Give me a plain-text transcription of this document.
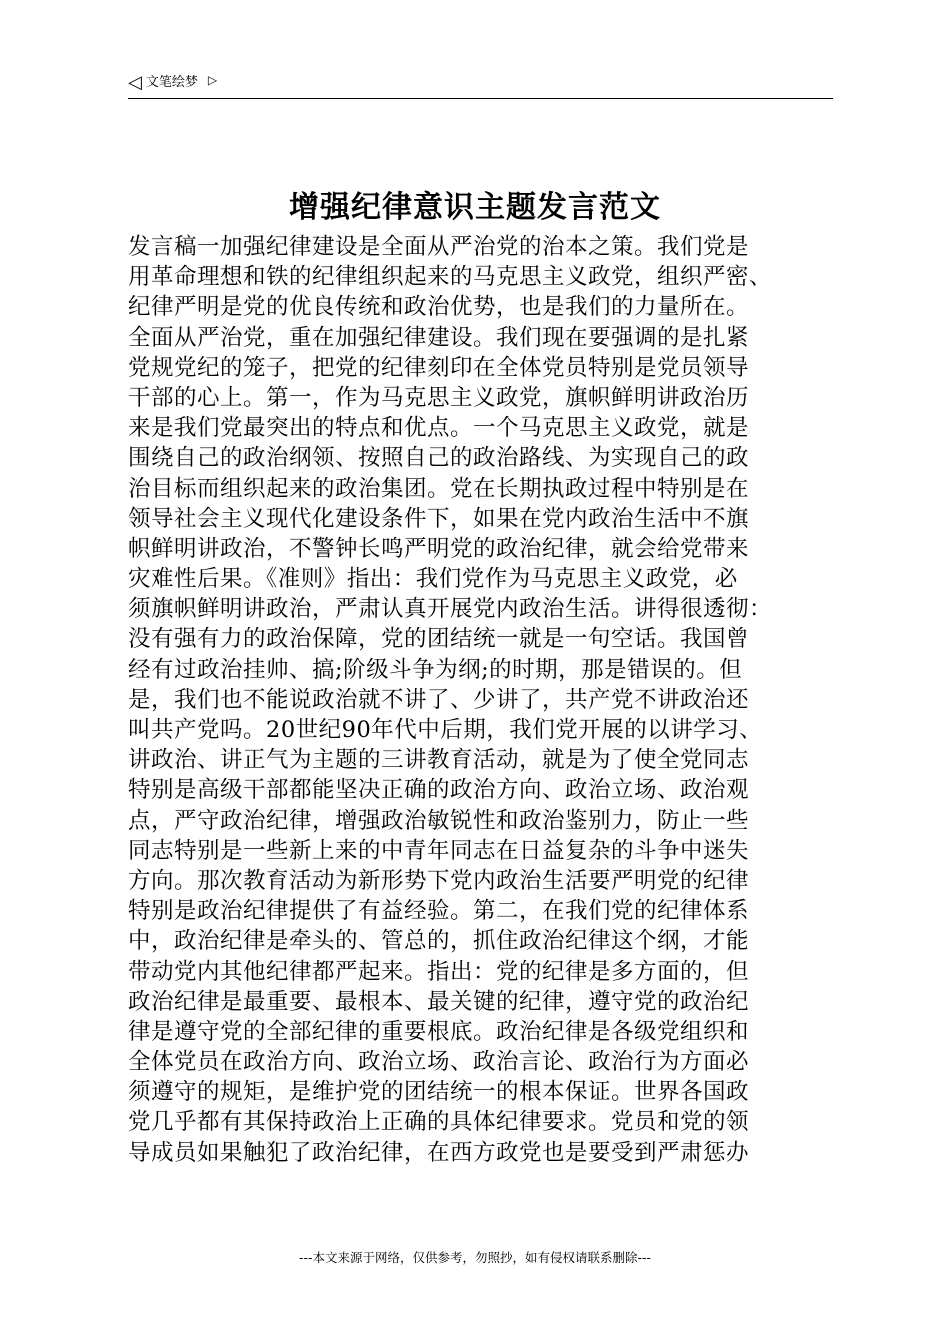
◁ 文笔绘梦 ▷
增强纪律意识主题发言范文
发言稿一加强纪律建设是全面从严治党的治本之策。我们党是
用革命理想和铁的纪律组织起来的马克思主义政党，组织严密、
纪律严明是党的优良传统和政治优势，也是我们的力量所在。
全面从严治党，重在加强纪律建设。我们现在要强调的是扎紧
党规党纪的笼子，把党的纪律刻印在全体党员特别是党员领导
干部的心上。第一，作为马克思主义政党，旗帜鲜明讲政治历
来是我们党最突出的特点和优点。一个马克思主义政党，就是
围绕自己的政治纲领、按照自己的政治路线、为实现自己的政
治目标而组织起来的政治集团。党在长期执政过程中特别是在
领导社会主义现代化建设条件下，如果在党内政治生活中不旗
帜鲜明讲政治，不警钟长鸣严明党的政治纪律，就会给党带来
灾难性后果。《准则》指出：我们党作为马克思主义政党，必
须旗帜鲜明讲政治，严肃认真开展党内政治生活。讲得很透彻：
没有强有力的政治保障，党的团结统一就是一句空话。我国曾
经有过政治挂帅、搞;阶级斗争为纲;的时期，那是错误的。但
是，我们也不能说政治就不讲了、少讲了，共产党不讲政治还
叫共产党吗。20世纪90年代中后期，我们党开展的以讲学习、
讲政治、讲正气为主题的三讲教育活动，就是为了使全党同志
特别是高级干部都能坚决正确的政治方向、政治立场、政治观
点，严守政治纪律，增强政治敏锐性和政治鉴别力，防止一些
同志特别是一些新上来的中青年同志在日益复杂的斗争中迷失
方向。那次教育活动为新形势下党内政治生活要严明党的纪律
特别是政治纪律提供了有益经验。第二，在我们党的纪律体系
中，政治纪律是牵头的、管总的，抓住政治纪律这个纲，才能
带动党内其他纪律都严起来。指出：党的纪律是多方面的，但
政治纪律是最重要、最根本、最关键的纪律，遵守党的政治纪
律是遵守党的全部纪律的重要根底。政治纪律是各级党组织和
全体党员在政治方向、政治立场、政治言论、政治行为方面必
须遵守的规矩，是维护党的团结统一的根本保证。世界各国政
党几乎都有其保持政治上正确的具体纪律要求。党员和党的领
导成员如果触犯了政治纪律，在西方政党也是要受到严肃惩办
---本文来源于网络，仅供参考，勿照抄，如有侵权请联系删除---
